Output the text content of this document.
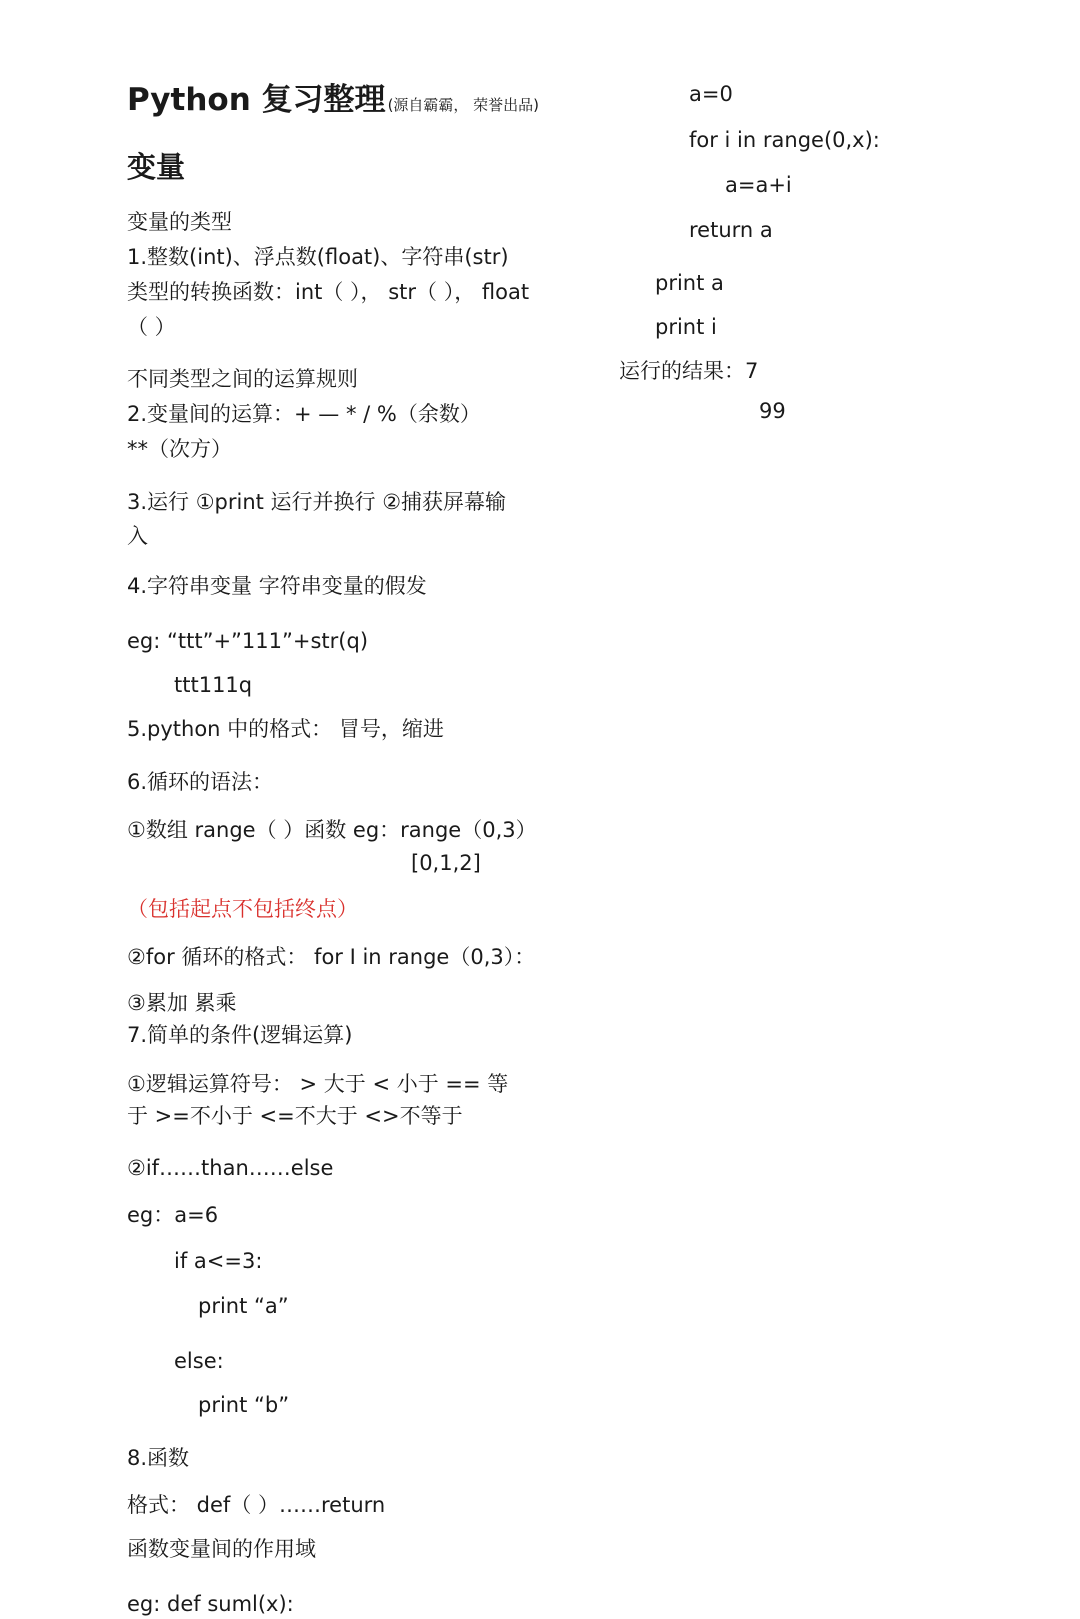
Python 复习整理 (源自霸霸， 荣誉出品)
变量
变量的类型
1.整数(int)、浮点数(float)、字符串(str)
类型的转换函数：int（ ）， str（ ）， float
（ ）
不同类型之间的运算规则
2.变量间的运算：+ — * / %（余数）
**（次方）
3.运行 ①print 运行并换行 ②捕获屏幕输
入
4.字符串变量 字符串变量的假发
eg: “ttt”+”111”+str(q)
ttt111q
5.python 中的格式： 冒号，缩进
6.循环的语法：
①数组 range（ ）函数 eg：range（0,3）
[0,1,2]
（包括起点不包括终点）
②for 循环的格式： for I in range（0,3）：
③累加 累乘
7.简单的条件(逻辑运算)
①逻辑运算符号： > 大于 < 小于 == 等
于 >=不小于 <=不大于 <>不等于
②if……than……else
eg：a=6
if a<=3:
print “a”
else:
print “b”
8.函数
格式： def（ ）……return
函数变量间的作用域
eg: def suml(x):
a=0
for i in range(0,x):
a=a+i
return a
print a
print i
运行的结果：7
99
